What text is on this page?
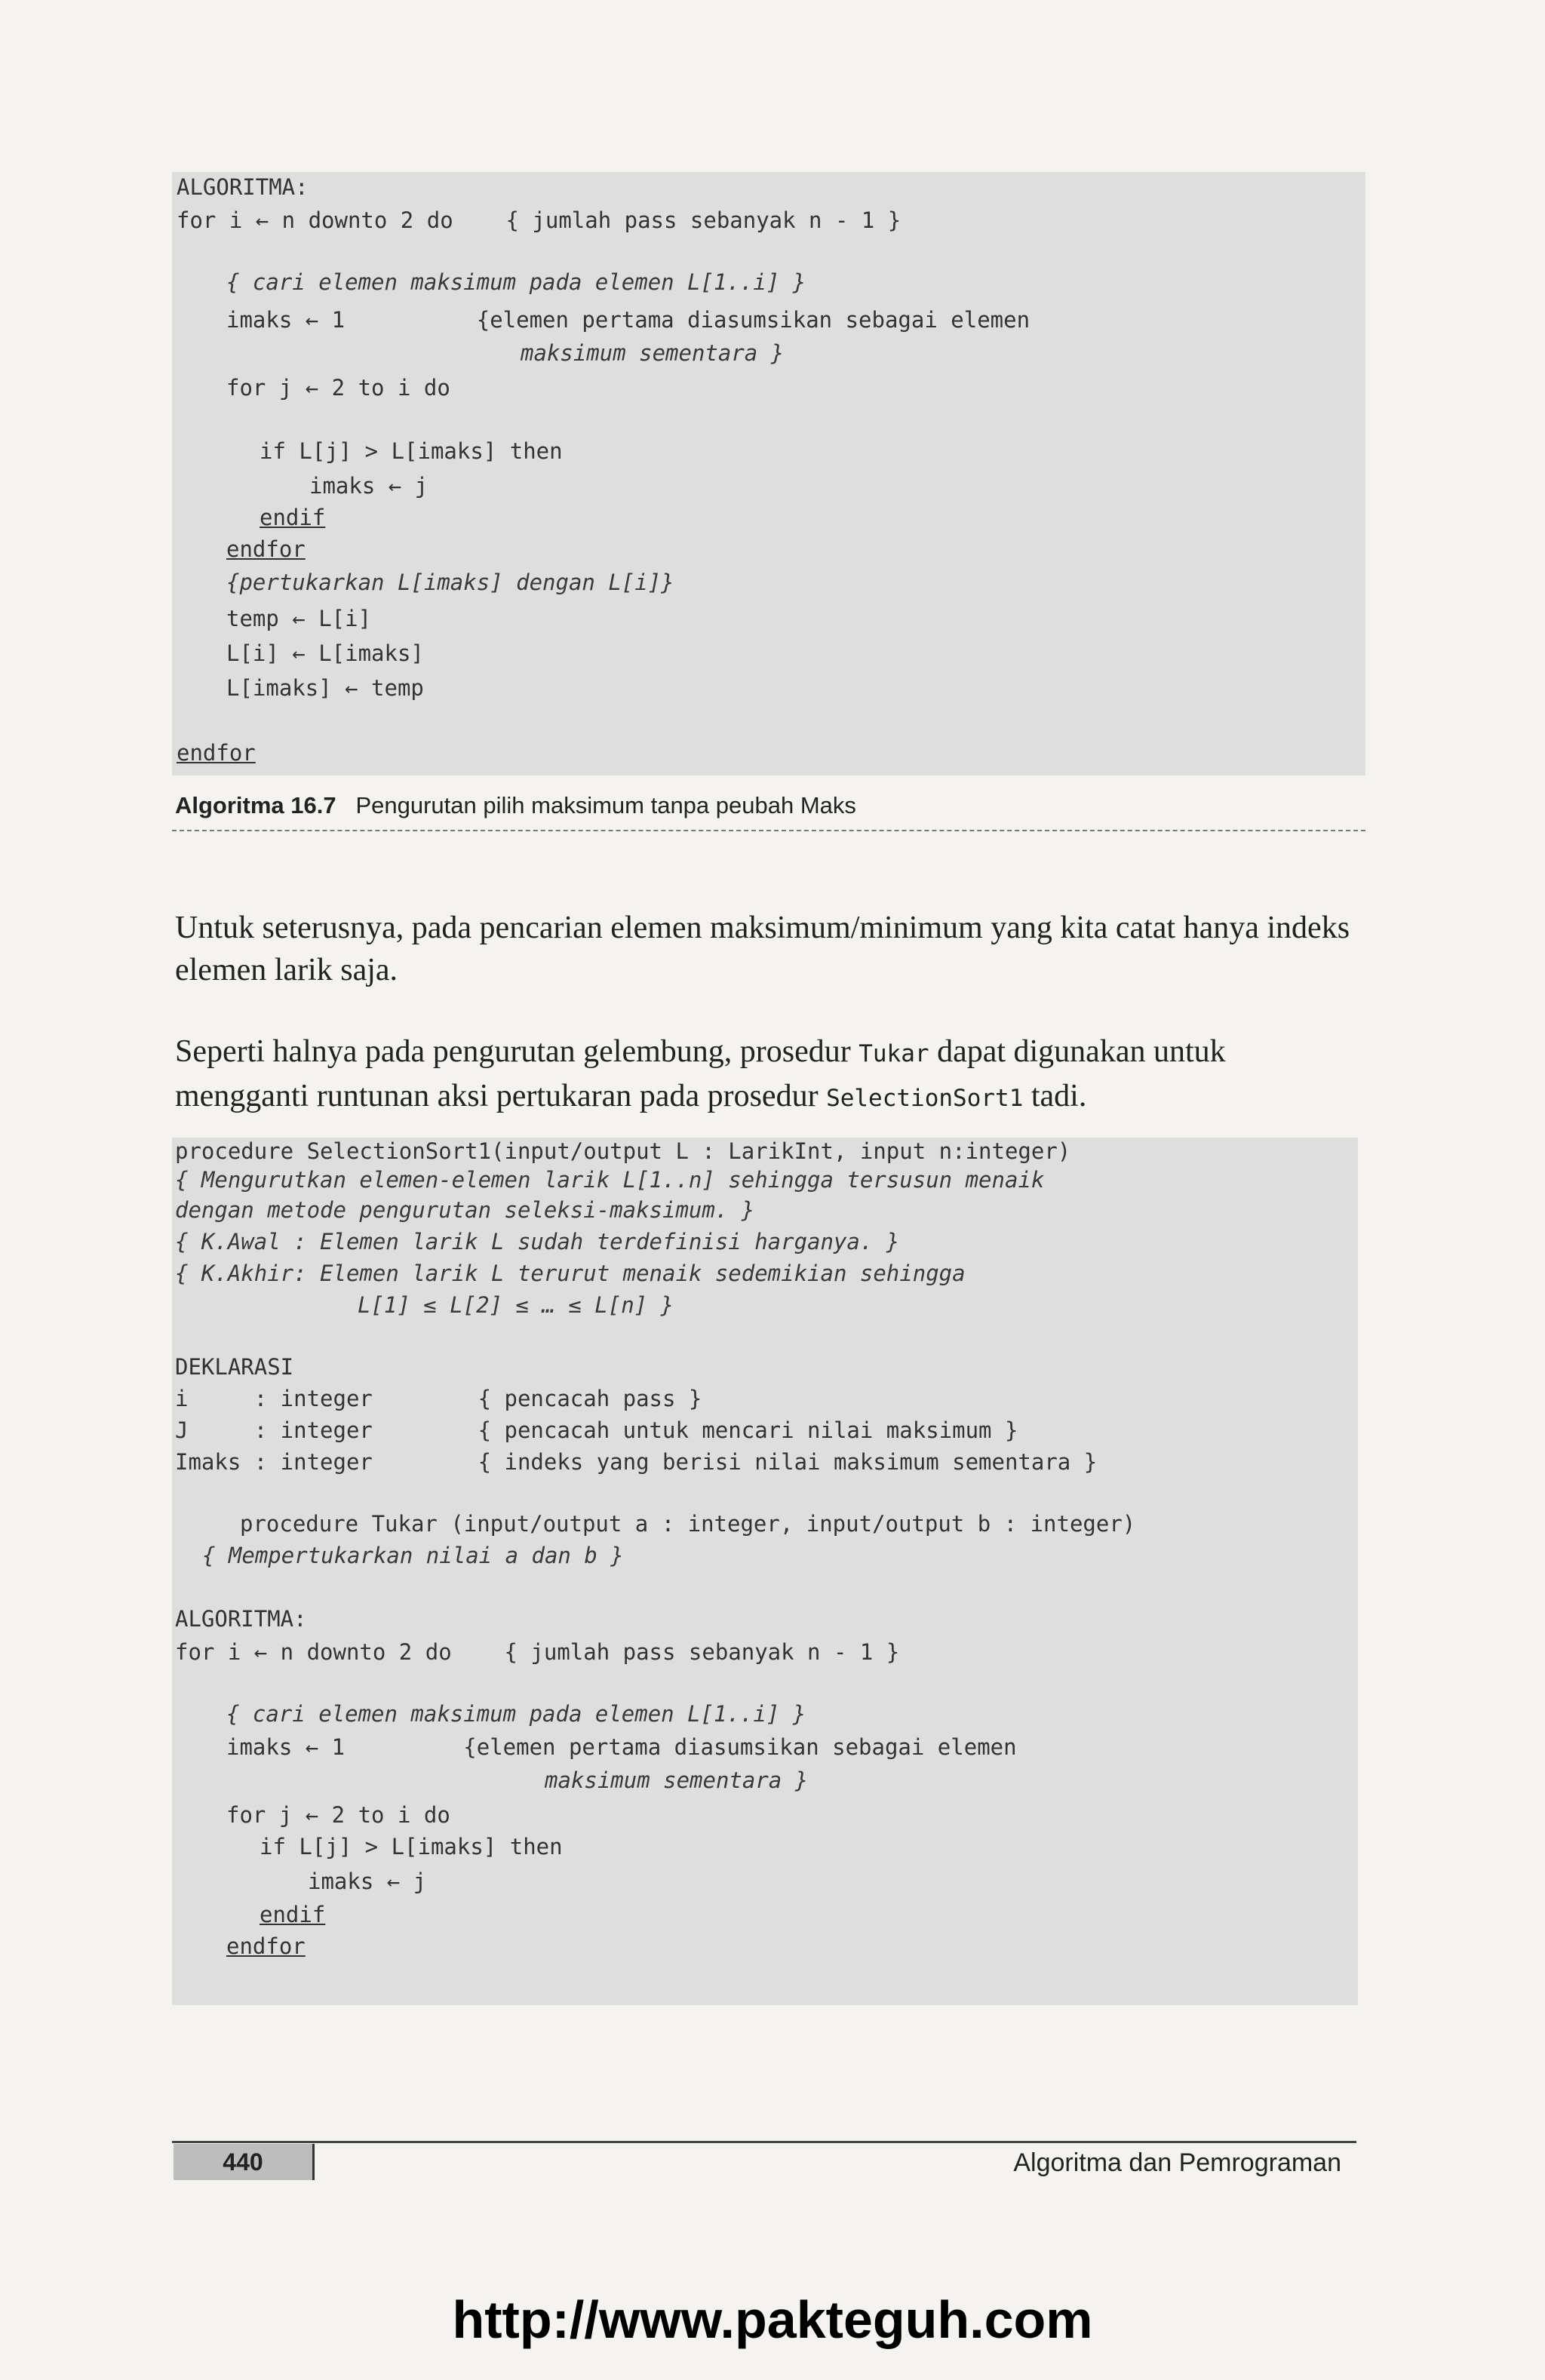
ALGORITMA:
for i ← n downto 2 do    { jumlah pass sebanyak n - 1 }
{ cari elemen maksimum pada elemen L[1..i] }
imaks ← 1          {elemen pertama diasumsikan sebagai elemen
maksimum sementara }
for j ← 2 to i do
if L[j] > L[imaks] then
imaks ← j
endif
endfor
{pertukarkan L[imaks] dengan L[i]}
temp ← L[i]
L[i] ← L[imaks]
L[imaks] ← temp
endfor
Algoritma 16.7 Pengurutan pilih maksimum tanpa peubah Maks
Untuk seterusnya, pada pencarian elemen maksimum/minimum yang kita catat hanya indeks elemen larik saja.
Seperti halnya pada pengurutan gelembung, prosedur Tukar dapat digunakan untuk mengganti runtunan aksi pertukaran pada prosedur SelectionSort1 tadi.
procedure SelectionSort1(input/output L : LarikInt, input n:integer)
{ Mengurutkan elemen-elemen larik L[1..n] sehingga tersusun menaik
dengan metode pengurutan seleksi-maksimum. }
{ K.Awal : Elemen larik L sudah terdefinisi harganya. }
{ K.Akhir: Elemen larik L terurut menaik sedemikian sehingga
L[1] ≤ L[2] ≤ … ≤ L[n] }
DEKLARASI
i     : integer        { pencacah pass }
J     : integer        { pencacah untuk mencari nilai maksimum }
Imaks : integer        { indeks yang berisi nilai maksimum sementara }
procedure Tukar (input/output a : integer, input/output b : integer)
{ Mempertukarkan nilai a dan b }
ALGORITMA:
for i ← n downto 2 do    { jumlah pass sebanyak n - 1 }
{ cari elemen maksimum pada elemen L[1..i] }
imaks ← 1         {elemen pertama diasumsikan sebagai elemen
maksimum sementara }
for j ← 2 to i do
if L[j] > L[imaks] then
imaks ← j
endif
endfor
440	Algoritma dan Pemrograman
http://www.pakteguh.com
